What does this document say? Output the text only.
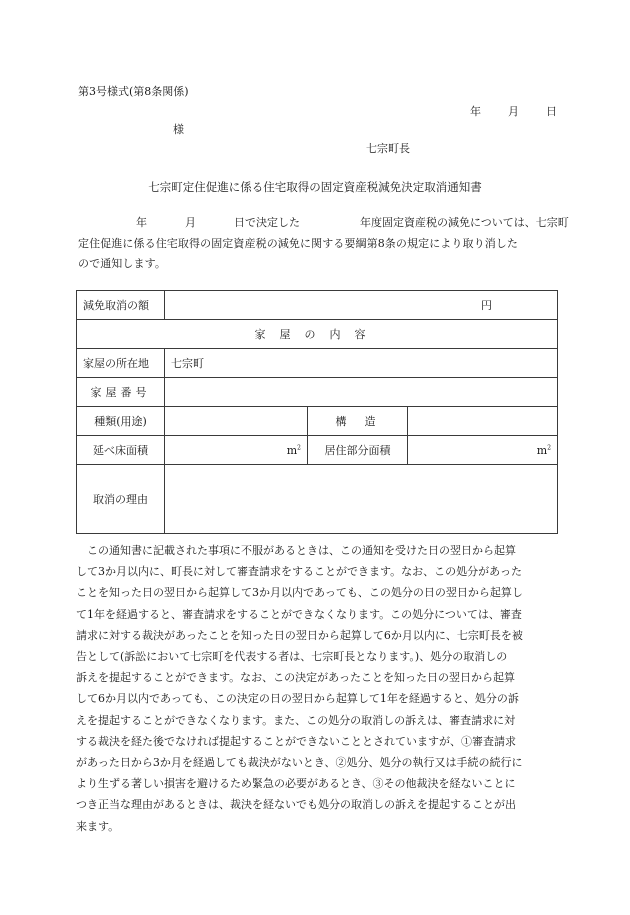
第3号様式(第8条関係)
年 月 日
様
七宗町長
七宗町定住促進に係る住宅取得の固定資産税減免決定取消通知書
年	月	日で決定した	年度固定資産税の減免については、七宗町
定住促進に係る住宅取得の固定資産税の減免に関する要綱第8条の規定により取り消した
ので通知します。
減免取消の額	円		
家屋の内容			
家屋の所在地	七宗町		
家屋番号			
種類(用途)		構造	
延べ床面積	$m^2$	居住部分面積	$m^2$
取消の理由			
この通知書に記載された事項に不服があるときは、この通知を受けた日の翌日から起算
して3か月以内に、町長に対して審査請求をすることができます。なお、この処分があった
ことを知った日の翌日から起算して3か月以内であっても、この処分の日の翌日から起算し
て1年を経過すると、審査請求をすることができなくなります。この処分については、審査
請求に対する裁決があったことを知った日の翌日から起算して6か月以内に、七宗町長を被
告として(訴訟において七宗町を代表する者は、七宗町長となります。)、処分の取消しの
訴えを提起することができます。なお、この決定があったことを知った日の翌日から起算
して6か月以内であっても、この決定の日の翌日から起算して1年を経過すると、処分の訴
えを提起することができなくなります。また、この処分の取消しの訴えは、審査請求に対
する裁決を経た後でなければ提起することができないこととされていますが、①審査請求
があった日から3か月を経過しても裁決がないとき、②処分、処分の執行又は手続の続行に
より生ずる著しい損害を避けるため緊急の必要があるとき、③その他裁決を経ないことに
つき正当な理由があるときは、裁決を経ないでも処分の取消しの訴えを提起することが出
来ます。
